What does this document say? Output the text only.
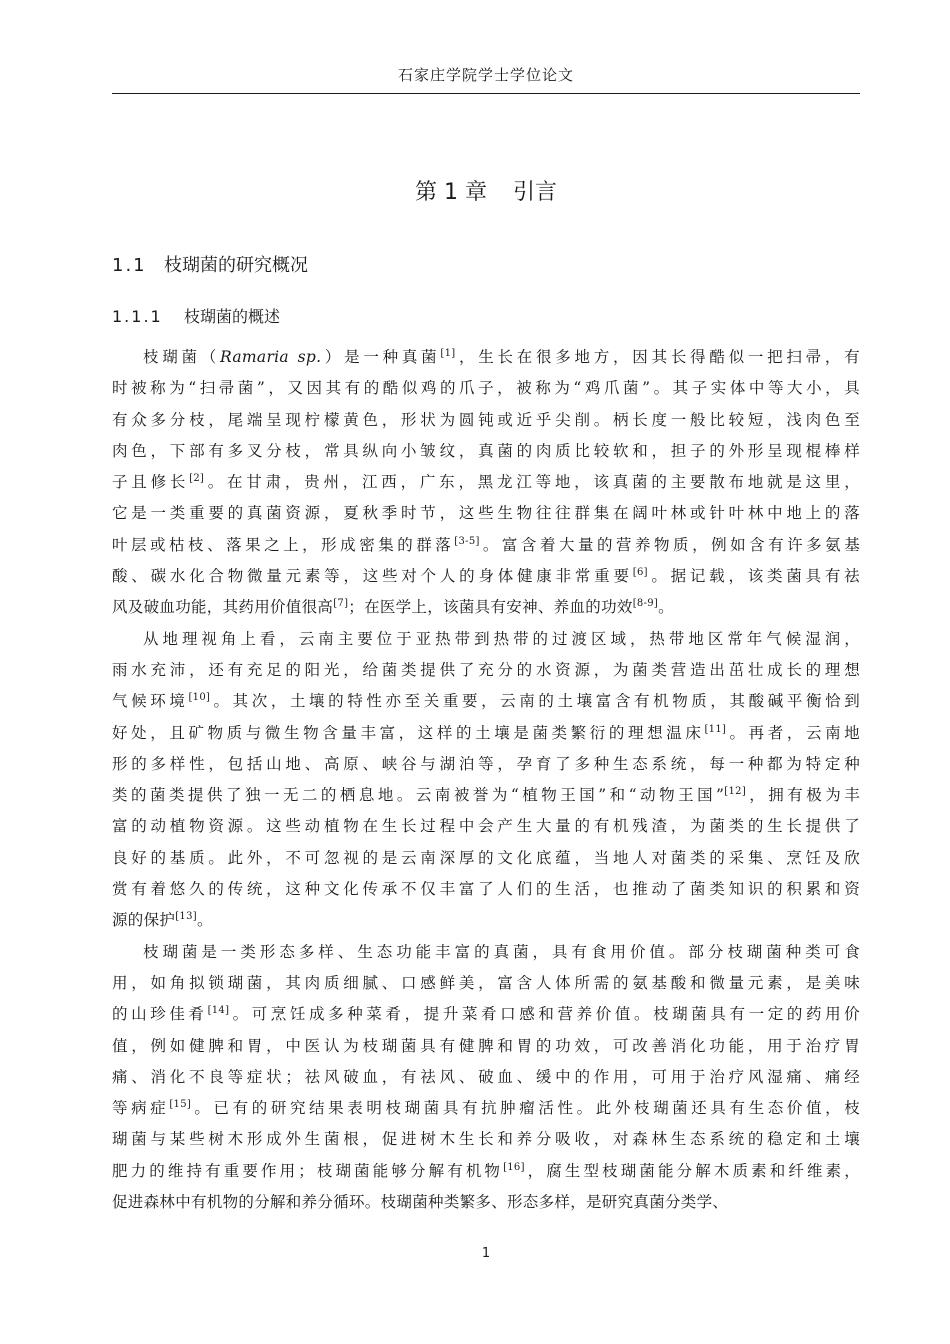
石家庄学院学士学位论文
第 1 章 引言
1.1 枝瑚菌的研究概况
1.1.1 枝瑚菌的概述

枝瑚菌（Ramaria sp.）是一种真菌[1]，生长在很多地方，因其长得酷似一把扫帚，有
时被称为“扫帚菌”，又因其有的酷似鸡的爪子，被称为“鸡爪菌”。其子实体中等大小，具
有众多分枝，尾端呈现柠檬黄色，形状为圆钝或近乎尖削。柄长度一般比较短，浅肉色至
肉色，下部有多叉分枝，常具纵向小皱纹，真菌的肉质比较软和，担子的外形呈现棍棒样
子且修长[2]。在甘肃，贵州，江西，广东，黑龙江等地，该真菌的主要散布地就是这里，
它是一类重要的真菌资源，夏秋季时节，这些生物往往群集在阔叶林或针叶林中地上的落
叶层或枯枝、落果之上，形成密集的群落[3-5]。富含着大量的营养物质，例如含有许多氨基
酸、碳水化合物微量元素等，这些对个人的身体健康非常重要[6]。据记载，该类菌具有祛
风及破血功能，其药用价值很高[7]；在医学上，该菌具有安神、养血的功效[8-9]。

从地理视角上看，云南主要位于亚热带到热带的过渡区域，热带地区常年气候湿润，
雨水充沛，还有充足的阳光，给菌类提供了充分的水资源，为菌类营造出茁壮成长的理想
气候环境[10]。其次，土壤的特性亦至关重要，云南的土壤富含有机物质，其酸碱平衡恰到
好处，且矿物质与微生物含量丰富，这样的土壤是菌类繁衍的理想温床[11]。再者，云南地
形的多样性，包括山地、高原、峡谷与湖泊等，孕育了多种生态系统，每一种都为特定种
类的菌类提供了独一无二的栖息地。云南被誉为“植物王国”和“动物王国”[12]，拥有极为丰
富的动植物资源。这些动植物在生长过程中会产生大量的有机残渣，为菌类的生长提供了
良好的基质。此外，不可忽视的是云南深厚的文化底蕴，当地人对菌类的采集、烹饪及欣
赏有着悠久的传统，这种文化传承不仅丰富了人们的生活，也推动了菌类知识的积累和资
源的保护[13]。

枝瑚菌是一类形态多样、生态功能丰富的真菌，具有食用价值。部分枝瑚菌种类可食
用，如角拟锁瑚菌，其肉质细腻、口感鲜美，富含人体所需的氨基酸和微量元素，是美味
的山珍佳肴[14]。可烹饪成多种菜肴，提升菜肴口感和营养价值。枝瑚菌具有一定的药用价
值，例如健脾和胃，中医认为枝瑚菌具有健脾和胃的功效，可改善消化功能，用于治疗胃
痛、消化不良等症状；祛风破血，有祛风、破血、缓中的作用，可用于治疗风湿痛、痛经
等病症[15]。已有的研究结果表明枝瑚菌具有抗肿瘤活性。此外枝瑚菌还具有生态价值，枝
瑚菌与某些树木形成外生菌根，促进树木生长和养分吸收，对森林生态系统的稳定和土壤
肥力的维持有重要作用；枝瑚菌能够分解有机物[16]，腐生型枝瑚菌能分解木质素和纤维素，
促进森林中有机物的分解和养分循环。枝瑚菌种类繁多、形态多样，是研究真菌分类学、

1
